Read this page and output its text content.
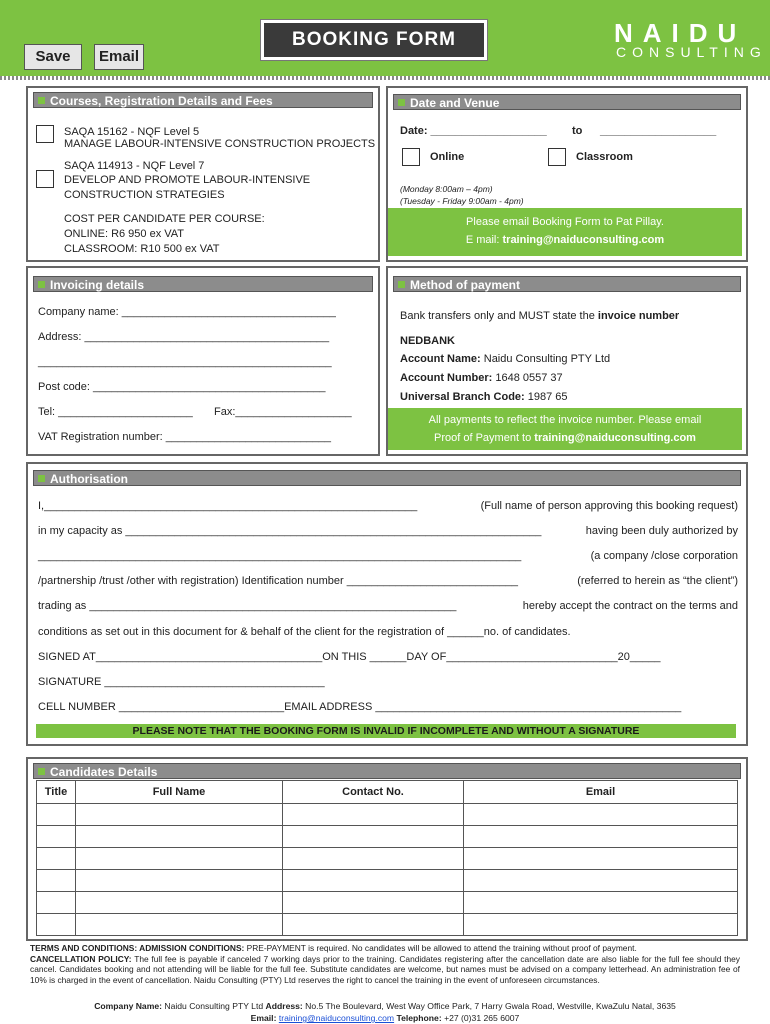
Save	Email
BOOKING FORM	NAIDU
CONSULTING
Courses, Registration Details and Fees
SAQA 15162 - NQF Level 5
MANAGE LABOUR-INTENSIVE CONSTRUCTION PROJECTS
SAQA 114913 - NQF Level 7
DEVELOP AND PROMOTE LABOUR-INTENSIVE
CONSTRUCTION STRATEGIES
COST PER CANDIDATE PER COURSE:
ONLINE: R6 950 ex VAT
CLASSROOM: R10 500 ex VAT
Date and Venue
Date: ___________________ to ___________________
Online	Classroom
(Monday 8:00am – 4pm)
(Tuesday - Friday 9:00am - 4pm)
Please email Booking Form to Pat Pillay.
E mail: training@naiduconsulting.com
Invoicing details
Company name: ___________________________________
Address: ________________________________________
________________________________________________
Post code: ______________________________________
Tel: ______________________ Fax:___________________
VAT Registration number: ___________________________
Method of payment
Bank transfers only and MUST state the invoice number
NEDBANK
Account Name: Naidu Consulting PTY Ltd
Account Number: 1648 0557 37
Universal Branch Code: 1987 65
All payments to reflect the invoice number. Please email
Proof of Payment to training@naiduconsulting.com
Authorisation
I,_____________________________________________________________	(Full name of person approving this booking request)
in my capacity as ____________________________________________________________________	having been duly authorized by
_______________________________________________________________________________	(a company /close corporation
/partnership /trust /other with registration) Identification number ____________________________	(referred to herein as “the client”)
trading as ____________________________________________________________	hereby accept the contract on the terms and
conditions as set out in this document for & behalf of the client for the registration of ______no. of candidates.
SIGNED AT_____________________________________ON THIS ______DAY OF____________________________20_____
SIGNATURE ____________________________________
CELL NUMBER ___________________________EMAIL ADDRESS __________________________________________________
PLEASE NOTE THAT THE BOOKING FORM IS INVALID IF INCOMPLETE AND WITHOUT A SIGNATURE
Candidates Details
Title	Full Name	Contact No.	Email

TERMS AND CONDITIONS: ADMISSION CONDITIONS: PRE-PAYMENT is required. No candidates will be allowed to attend the training without proof of payment.
CANCELLATION POLICY: The full fee is payable if canceled 7 working days prior to the training. Candidates registering after the cancellation date are also liable for the full fee should they cancel. Candidates booking and not attending will be liable for the full fee. Substitute candidates are welcome, but names must be advised on a company letterhead. An administration fee of 10% is charged in the event of cancellation. Naidu Consulting (PTY) Ltd reserves the right to cancel the training in the event of unforeseen circumstances.
Company Name: Naidu Consulting PTY Ltd Address: No.5 The Boulevard, West Way Office Park, 7 Harry Gwala Road, Westville, KwaZulu Natal, 3635
Email: training@naiduconsulting.com Telephone: +27 (0)31 265 6007
